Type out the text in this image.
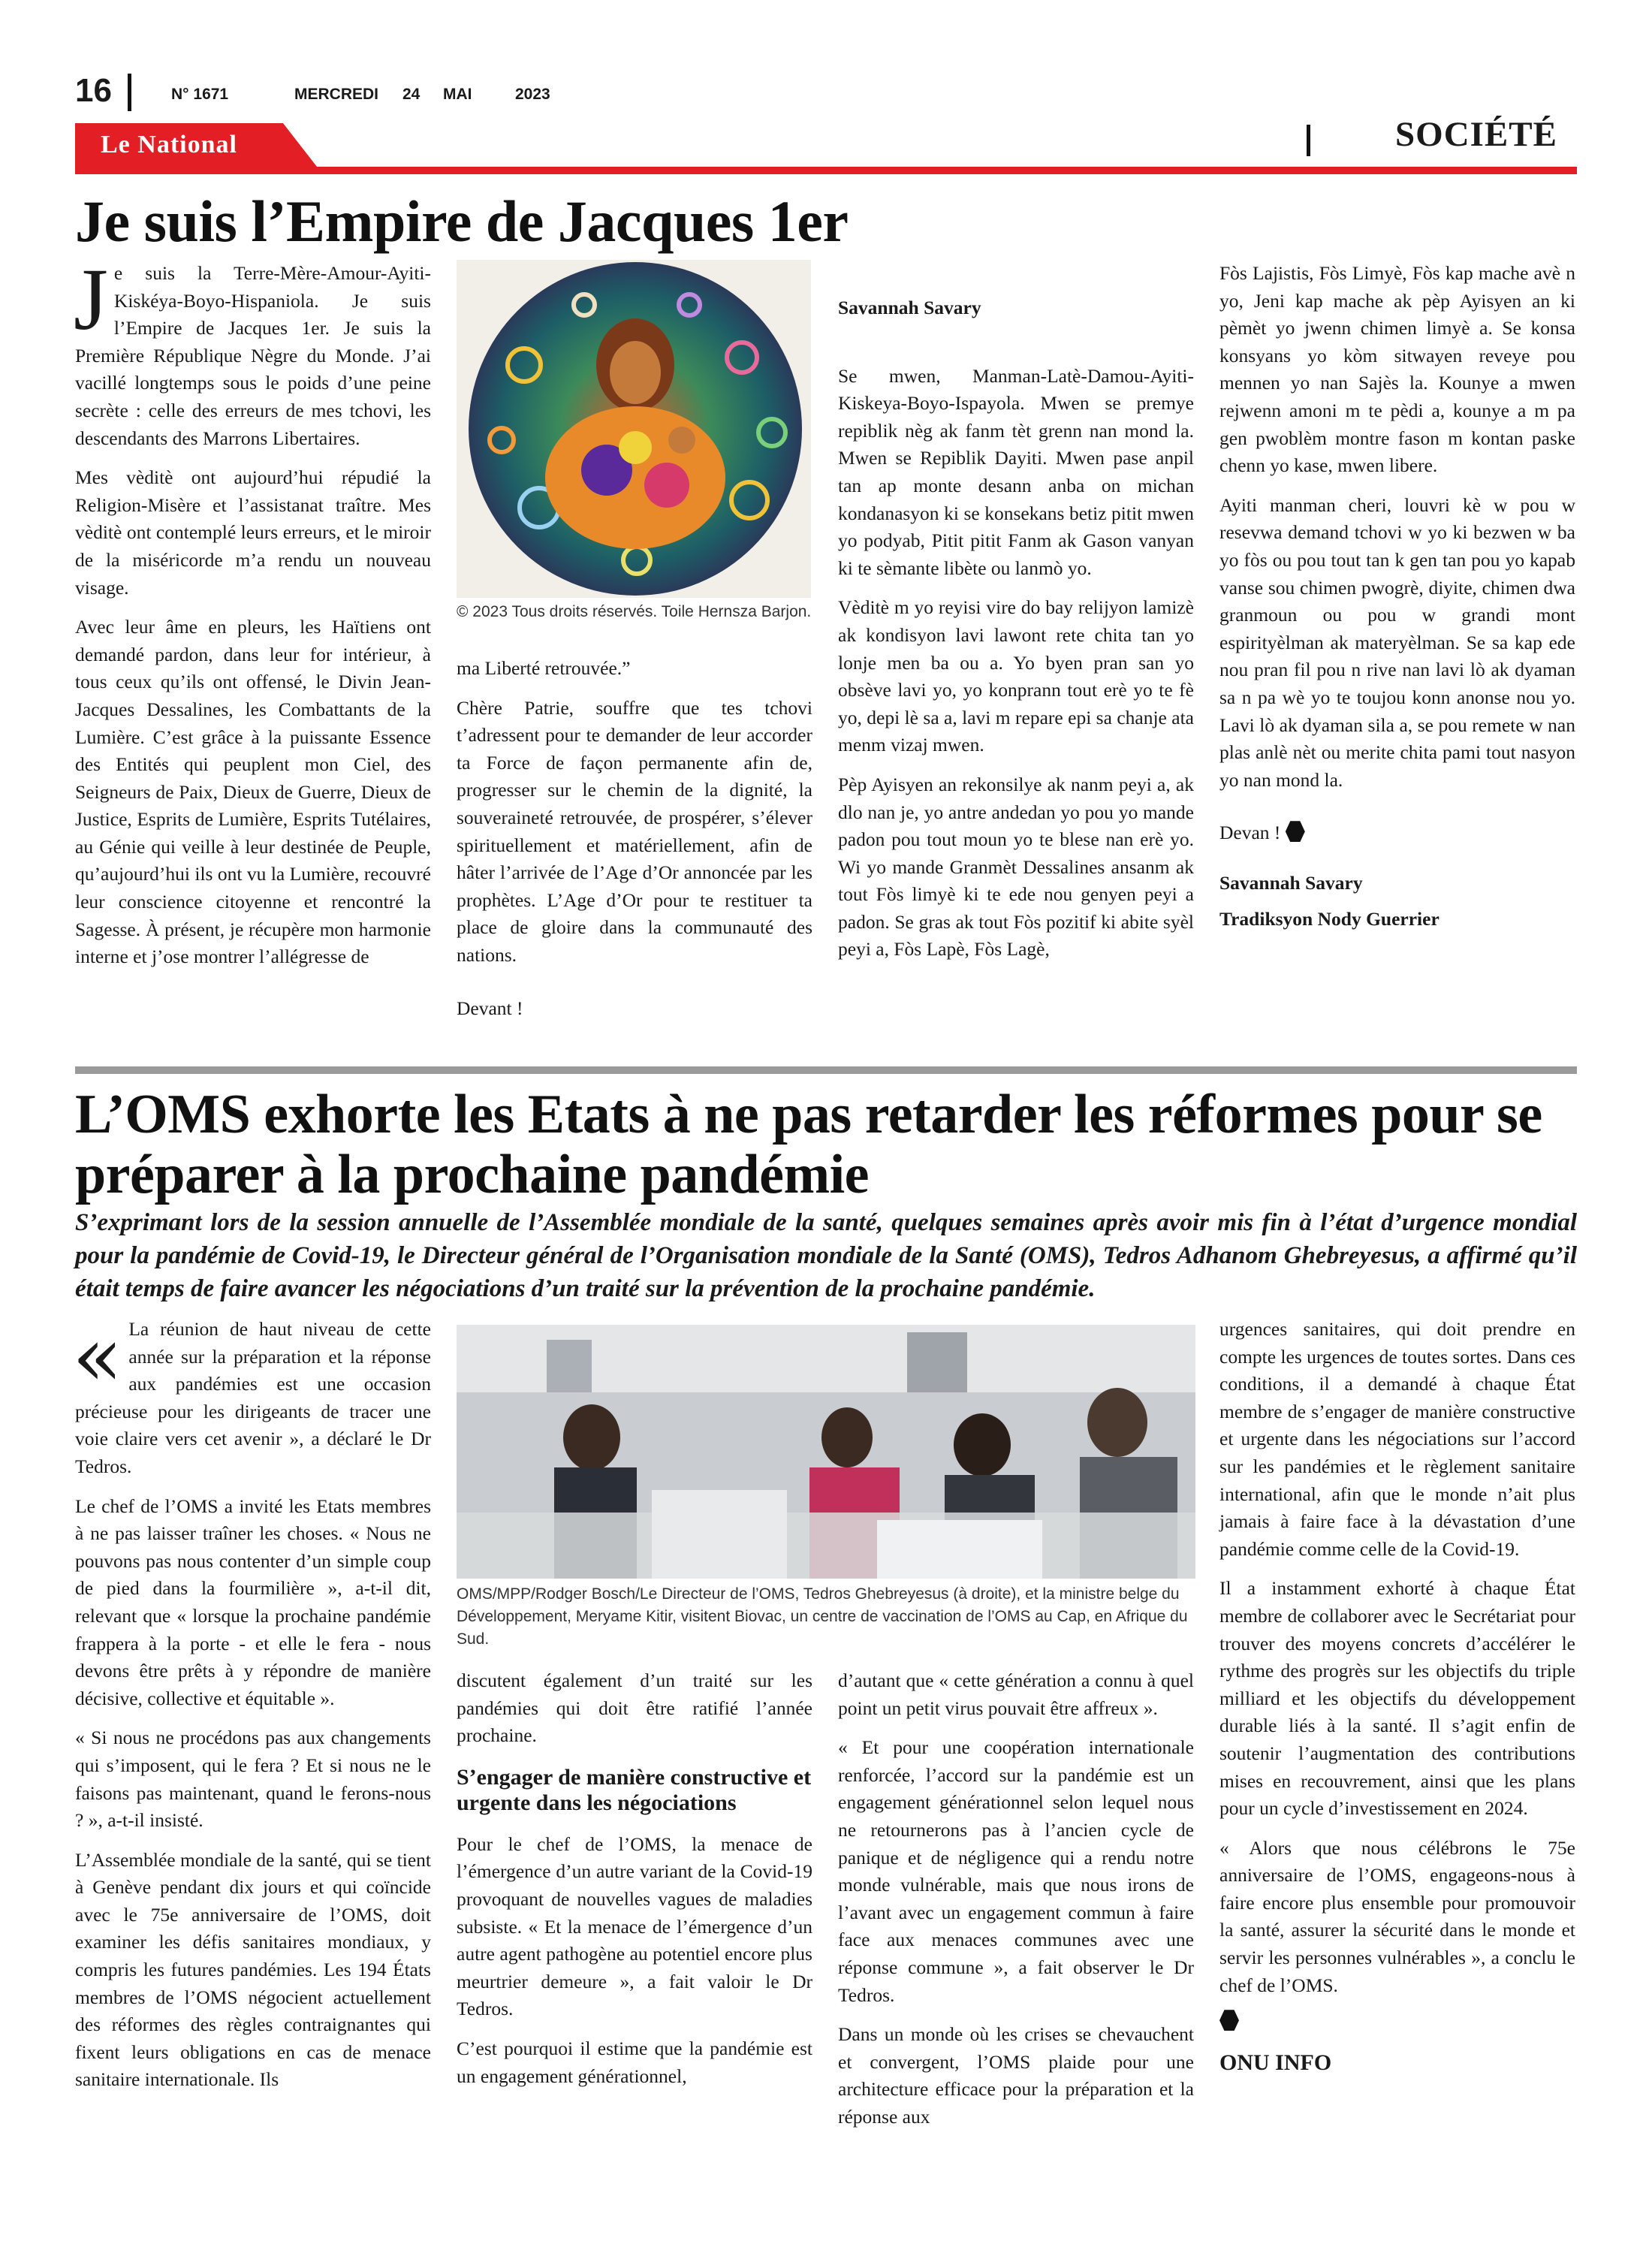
16	N° 1671	MERCREDI 24 MAI	2023
Le National	SOCIÉTÉ
Je suis l’Empire de Jacques 1er
J e suis la Terre-Mère-Amour-Ayiti-Kiskéya-Boyo-Hispaniola. Je suis l’Empire de Jacques 1er. Je suis la Première République Nègre du Monde. J’ai vacillé longtemps sous le poids d’une peine secrète : celle des erreurs de mes tchovi, les descendants des Marrons Libertaires.

Mes vèditè ont aujourd’hui répudié la Religion-Misère et l’assistanat traître. Mes vèditè ont contemplé leurs erreurs, et le miroir de la miséricorde m’a rendu un nouveau visage.

Avec leur âme en pleurs, les Haïtiens ont demandé pardon, dans leur for intérieur, à tous ceux qu’ils ont offensé, le Divin Jean-Jacques Dessalines, les Combattants de la Lumière. C’est grâce à la puissante Essence des Entités qui peuplent mon Ciel, des Seigneurs de Paix, Dieux de Guerre, Dieux de Justice, Esprits de Lumière, Esprits Tutélaires, au Génie qui veille à leur destinée de Peuple, qu’aujourd’hui ils ont vu la Lumière, recouvré leur conscience citoyenne et rencontré la Sagesse. À présent, je récupère mon harmonie interne et j’ose montrer l’allégresse de

© 2023 Tous droits réservés. Toile Hernsza Barjon.

ma Liberté retrouvée.”

Chère Patrie, souffre que tes tchovi t’adressent pour te demander de leur accorder ta Force de façon permanente afin de, progresser sur le chemin de la dignité, la souveraineté retrouvée, de prospérer, s’élever spirituellement et matériellement, afin de hâter l’arrivée de l’Age d’Or annoncée par les prophètes. L’Age d’Or pour te restituer ta place de gloire dans la communauté des nations.

Devant !

Savannah Savary

Se mwen, Manman-Latè-Damou-Ayiti-Kiskeya-Boyo-Ispayola. Mwen se premye repiblik nèg ak fanm tèt grenn nan mond la. Mwen se Repiblik Dayiti. Mwen pase anpil tan ap monte desann anba on michan kondanasyon ki se konsekans betiz pitit mwen yo podyab, Pitit pitit Fanm ak Gason vanyan ki te sèmante libète ou lanmò yo.

Vèditè m yo reyisi vire do bay relijyon lamizè ak kondisyon lavi lawont rete chita tan yo lonje men ba ou a. Yo byen pran san yo obsève lavi yo, yo konprann tout erè yo te fè yo, depi lè sa a, lavi m repare epi sa chanje ata menm vizaj mwen.

Pèp Ayisyen an rekonsilye ak nanm peyi a, ak dlo nan je, yo antre andedan yo pou yo mande padon pou tout moun yo te blese nan erè yo. Wi yo mande Granmèt Dessalines ansanm ak tout Fòs limyè ki te ede nou genyen peyi a padon. Se gras ak tout Fòs pozitif ki abite syèl peyi a, Fòs Lapè, Fòs Lagè,

Fòs Lajistis, Fòs Limyè, Fòs kap mache avè n yo, Jeni kap mache ak pèp Ayisyen an ki pèmèt yo jwenn chimen limyè a. Se konsa konsyans yo kòm sitwayen reveye pou mennen yo nan Sajès la. Kounye a mwen rejwenn amoni m te pèdi a, kounye a m pa gen pwoblèm montre fason m kontan paske chenn yo kase, mwen libere.

Ayiti manman cheri, louvri kè w pou w resevwa demand tchovi w yo ki bezwen w ba yo fòs ou pou tout tan k gen tan pou yo kapab vanse sou chimen pwogrè, diyite, chimen dwa granmoun ou pou w grandi mont espirityèlman ak materyèlman. Se sa kap ede nou pran fil pou n rive nan lavi lò ak dyaman sa n pa wè yo te toujou konn anonse nou yo. Lavi lò ak dyaman sila a, se pou remete w nan plas anlè nèt ou merite chita pami tout nasyon yo nan mond la.

Devan !

Savannah Savary

Tradiksyon Nody Guerrier

L’OMS exhorte les Etats à ne pas retarder les réformes pour se préparer à la prochaine pandémie
S’exprimant lors de la session annuelle de l’Assemblée mondiale de la santé, quelques semaines après avoir mis fin à l’état d’urgence mondial pour la pandémie de Covid-19, le Directeur général de l’Organisation mondiale de la Santé (OMS), Tedros Adhanom Ghebreyesus, a affirmé qu’il était temps de faire avancer les négociations d’un traité sur la prévention de la prochaine pandémie.
« La réunion de haut niveau de cette année sur la préparation et la réponse aux pandémies est une occasion précieuse pour les dirigeants de tracer une voie claire vers cet avenir », a déclaré le Dr Tedros.

Le chef de l’OMS a invité les Etats membres à ne pas laisser traîner les choses. « Nous ne pouvons pas nous contenter d’un simple coup de pied dans la fourmilière », a-t-il dit, relevant que « lorsque la prochaine pandémie frappera à la porte - et elle le fera - nous devons être prêts à y répondre de manière décisive, collective et équitable ».

« Si nous ne procédons pas aux changements qui s’imposent, qui le fera ? Et si nous ne le faisons pas maintenant, quand le ferons-nous ? », a-t-il insisté.

L’Assemblée mondiale de la santé, qui se tient à Genève pendant dix jours et qui coïncide avec le 75e anniversaire de l’OMS, doit examiner les défis sanitaires mondiaux, y compris les futures pandémies. Les 194 États membres de l’OMS négocient actuellement des réformes des règles contraignantes qui fixent leurs obligations en cas de menace sanitaire internationale. Ils

OMS/MPP/Rodger Bosch/Le Directeur de l’OMS, Tedros Ghebreyesus (à droite), et la ministre belge du Développement, Meryame Kitir, visitent Biovac, un centre de vaccination de l’OMS au Cap, en Afrique du Sud.

discutent également d’un traité sur les pandémies qui doit être ratifié l’année prochaine.

S’engager de manière constructive et urgente dans les négociations

Pour le chef de l’OMS, la menace de l’émergence d’un autre variant de la Covid-19 provoquant de nouvelles vagues de maladies subsiste. « Et la menace de l’émergence d’un autre agent pathogène au potentiel encore plus meurtrier demeure », a fait valoir le Dr Tedros.

C’est pourquoi il estime que la pandémie est un engagement générationnel,

d’autant que « cette génération a connu à quel point un petit virus pouvait être affreux ».

« Et pour une coopération internationale renforcée, l’accord sur la pandémie est un engagement générationnel selon lequel nous ne retournerons pas à l’ancien cycle de panique et de négligence qui a rendu notre monde vulnérable, mais que nous irons de l’avant avec un engagement commun à faire face aux menaces communes avec une réponse commune », a fait observer le Dr Tedros.

Dans un monde où les crises se chevauchent et convergent, l’OMS plaide pour une architecture efficace pour la préparation et la réponse aux

urgences sanitaires, qui doit prendre en compte les urgences de toutes sortes. Dans ces conditions, il a demandé à chaque État membre de s’engager de manière constructive et urgente dans les négociations sur l’accord sur les pandémies et le règlement sanitaire international, afin que le monde n’ait plus jamais à faire face à la dévastation d’une pandémie comme celle de la Covid-19.

Il a instamment exhorté à chaque État membre de collaborer avec le Secrétariat pour trouver des moyens concrets d’accélérer le rythme des progrès sur les objectifs du triple milliard et les objectifs du développement durable liés à la santé. Il s’agit enfin de soutenir l’augmentation des contributions mises en recouvrement, ainsi que les plans pour un cycle d’investissement en 2024.

« Alors que nous célébrons le 75e anniversaire de l’OMS, engageons-nous à faire encore plus ensemble pour promouvoir la santé, assurer la sécurité dans le monde et servir les personnes vulnérables », a conclu le chef de l’OMS.

ONU INFO
